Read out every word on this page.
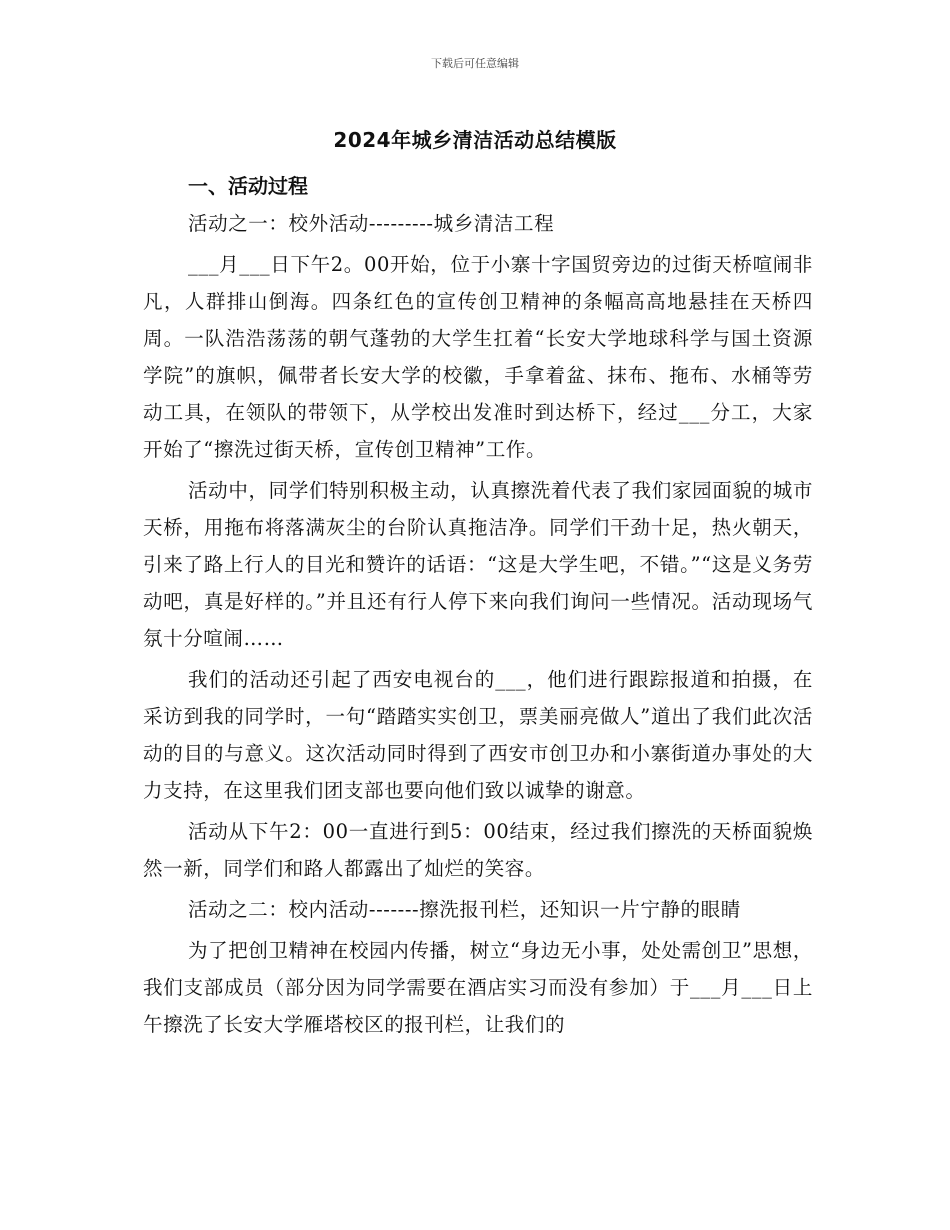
下载后可任意编辑
2024年城乡清洁活动总结模版

一、活动过程

活动之一：校外活动---------城乡清洁工程

___月___日下午2。00开始，位于小寨十字国贸旁边的过街天桥喧闹非凡，人群排山倒海。四条红色的宣传创卫精神的条幅高高地悬挂在天桥四周。一队浩浩荡荡的朝气蓬勃的大学生扛着“长安大学地球科学与国土资源学院”的旗帜，佩带者长安大学的校徽，手拿着盆、抹布、拖布、水桶等劳动工具，在领队的带领下，从学校出发准时到达桥下，经过___分工，大家开始了“擦洗过街天桥，宣传创卫精神”工作。

活动中，同学们特别积极主动，认真擦洗着代表了我们家园面貌的城市天桥，用拖布将落满灰尘的台阶认真拖洁净。同学们干劲十足，热火朝天，引来了路上行人的目光和赞许的话语：“这是大学生吧，不错。”“这是义务劳动吧，真是好样的。”并且还有行人停下来向我们询问一些情况。活动现场气氛十分喧闹……

我们的活动还引起了西安电视台的___，他们进行跟踪报道和拍摄，在采访到我的同学时，一句“踏踏实实创卫，票美丽亮做人”道出了我们此次活动的目的与意义。这次活动同时得到了西安市创卫办和小寨街道办事处的大力支持，在这里我们团支部也要向他们致以诚挚的谢意。

活动从下午2：00一直进行到5：00结束，经过我们擦洗的天桥面貌焕然一新，同学们和路人都露出了灿烂的笑容。

活动之二：校内活动-------擦洗报刊栏，还知识一片宁静的眼睛

为了把创卫精神在校园内传播，树立“身边无小事，处处需创卫”思想，我们支部成员（部分因为同学需要在酒店实习而没有参加）于___月___日上午擦洗了长安大学雁塔校区的报刊栏，让我们的
